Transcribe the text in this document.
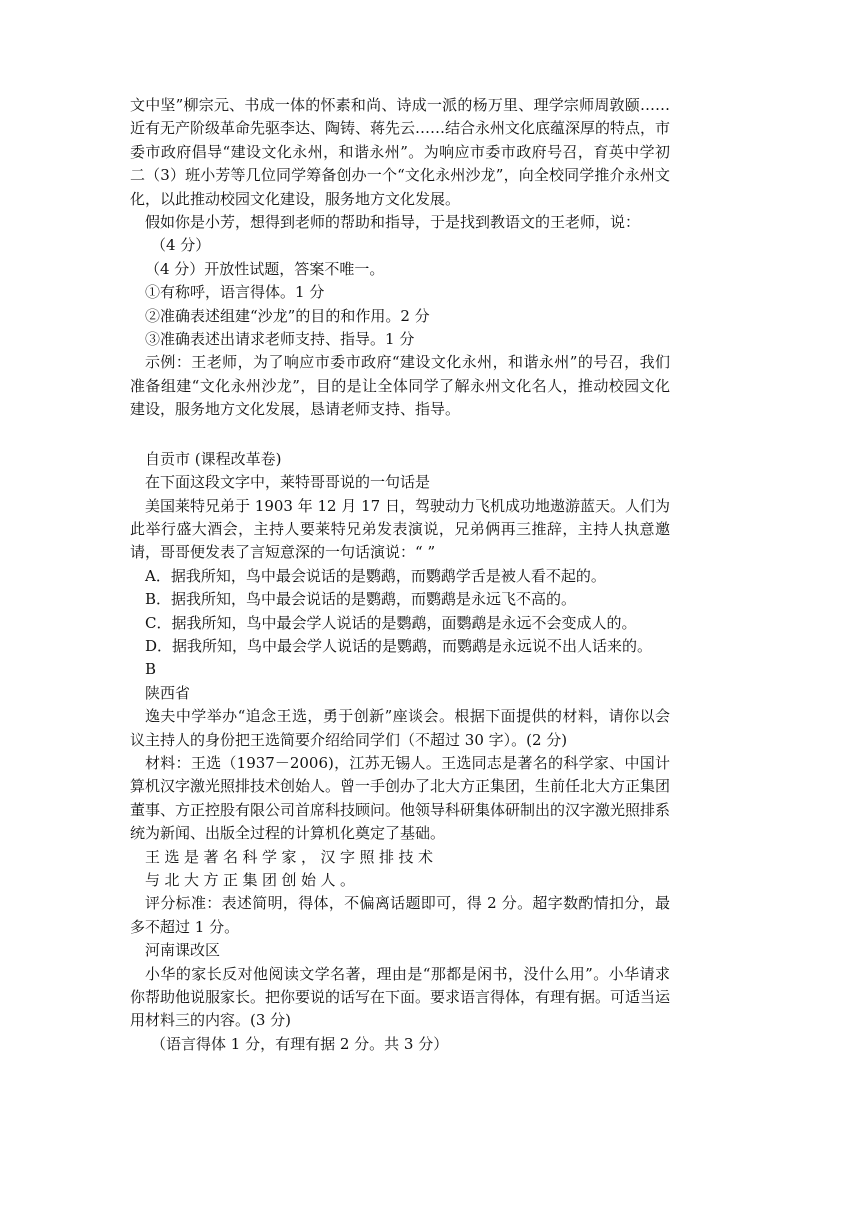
文中坚”柳宗元、书成一体的怀素和尚、诗成一派的杨万里、理学宗师周敦颐……近有无产阶级革命先驱李达、陶铸、蒋先云……结合永州文化底蕴深厚的特点，市委市政府倡导“建设文化永州，和谐永州”。为响应市委市政府号召，育英中学初二（3）班小芳等几位同学筹备创办一个“文化永州沙龙”，向全校同学推介永州文化，以此推动校园文化建设，服务地方文化发展。

假如你是小芳，想得到老师的帮助和指导，于是找到教语文的王老师，说：

（4 分）

（4 分）开放性试题，答案不唯一。

①有称呼，语言得体。1 分

②准确表述组建“沙龙”的目的和作用。2 分

③准确表述出请求老师支持、指导。1 分

示例：王老师，为了响应市委市政府“建设文化永州，和谐永州”的号召，我们准备组建“文化永州沙龙”，目的是让全体同学了解永州文化名人，推动校园文化建设，服务地方文化发展，恳请老师支持、指导。

自贡市 (课程改革卷)

在下面这段文字中，莱特哥哥说的一句话是

美国莱特兄弟于 1903 年 12 月 17 日，驾驶动力飞机成功地遨游蓝天。人们为此举行盛大酒会，主持人要莱特兄弟发表演说，兄弟俩再三推辞，主持人执意邀请，哥哥便发表了言短意深的一句话演说：“ ”

A．据我所知，鸟中最会说话的是鹦鹉，而鹦鹉学舌是被人看不起的。

B．据我所知，鸟中最会说话的是鹦鹉，而鹦鹉是永远飞不高的。

C．据我所知，鸟中最会学人说话的是鹦鹉，面鹦鹉是永远不会变成人的。

D．据我所知，鸟中最会学人说话的是鹦鹉，而鹦鹉是永远说不出人话来的。

B

陕西省

逸夫中学举办“追念王选，勇于创新”座谈会。根据下面提供的材料，请你以会议主持人的身份把王选简要介绍给同学们（不超过 30 字）。(2 分)

材料：王选（1937－2006)，江苏无锡人。王选同志是著名的科学家、中国计算机汉字激光照排技术创始人。曾一手创办了北大方正集团，生前任北大方正集团董事、方正控股有限公司首席科技顾问。他领导科研集体研制出的汉字激光照排系统为新闻、出版全过程的计算机化奠定了基础。

王选是著名科学家，汉字照排技术

与北大方正集团创始人。

评分标准：表述简明，得体，不偏离话题即可，得 2 分。超字数酌情扣分，最多不超过 1 分。

河南课改区

小华的家长反对他阅读文学名著，理由是“那都是闲书，没什么用”。小华请求你帮助他说服家长。把你要说的话写在下面。要求语言得体，有理有据。可适当运用材料三的内容。(3 分)

（语言得体 1 分，有理有据 2 分。共 3 分）
